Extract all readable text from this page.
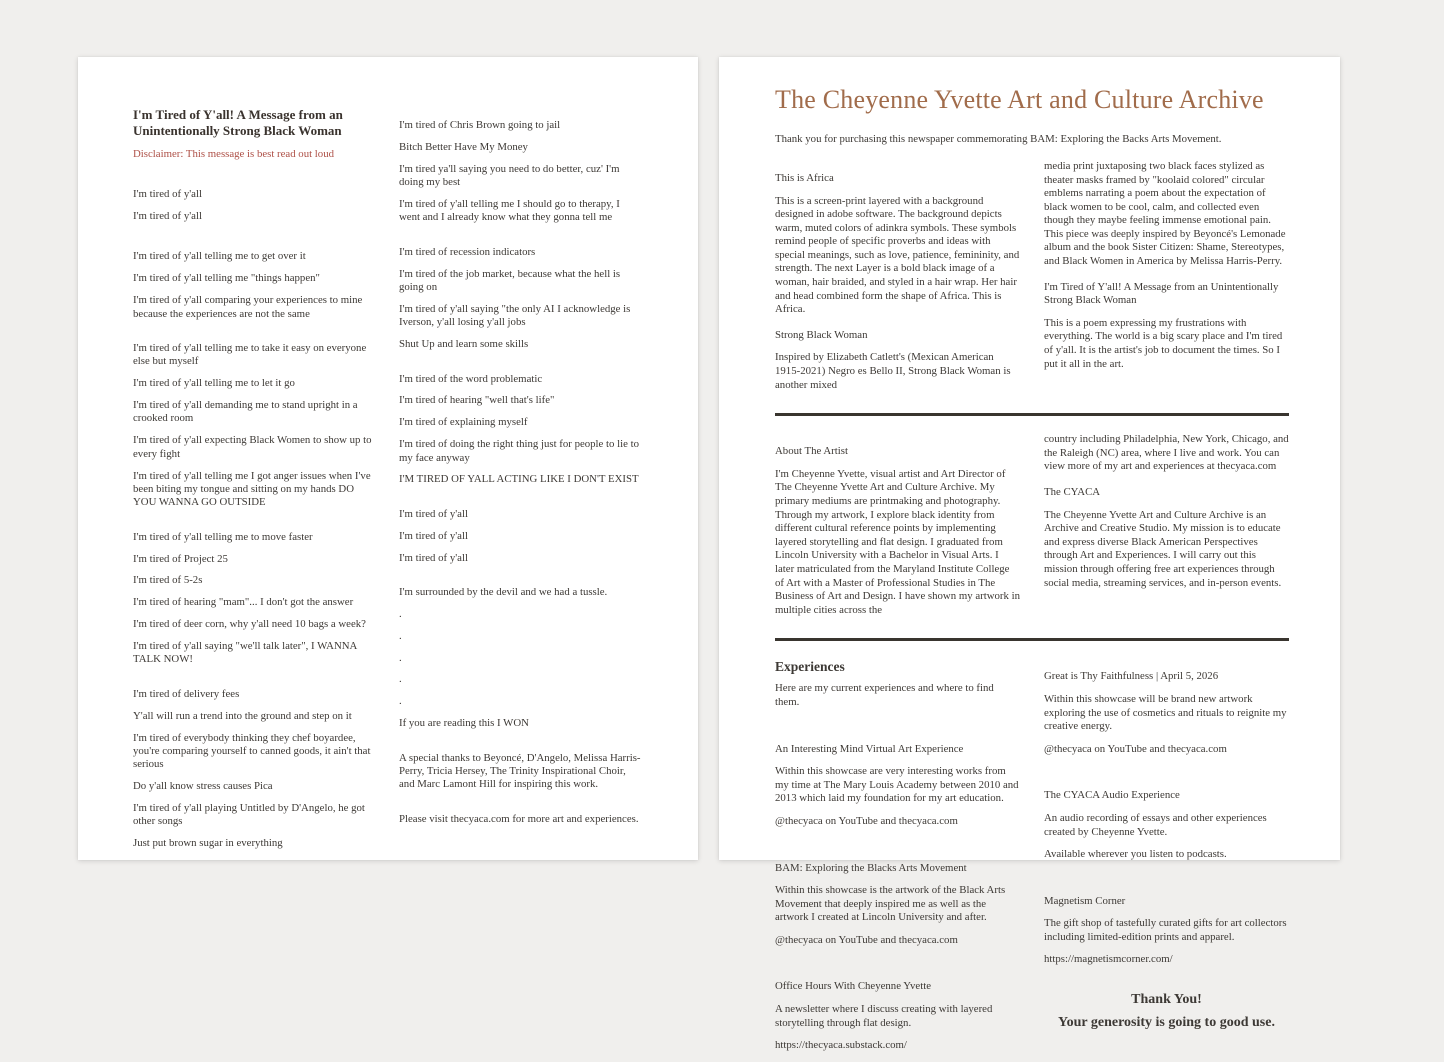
I'm Tired of Y'all! A Message from an Unintentionally Strong Black Woman

Disclaimer: This message is best read out loud

I'm tired of y'all

I'm tired of y'all

I'm tired of y'all telling me to get over it

I'm tired of y'all telling me "things happen"

I'm tired of y'all comparing your experiences to mine because the experiences are not the same

I'm tired of y'all telling me to take it easy on everyone else but myself

I'm tired of y'all telling me to let it go

I'm tired of y'all demanding me to stand upright in a crooked room

I'm tired of y'all expecting Black Women to show up to every fight

I'm tired of y'all telling me I got anger issues when I've been biting my tongue and sitting on my hands DO YOU WANNA GO OUTSIDE

I'm tired of y'all telling me to move faster

I'm tired of Project 25

I'm tired of 5-2s

I'm tired of hearing "mam"... I don't got the answer

I'm tired of deer corn, why y'all need 10 bags a week?

I'm tired of y'all saying "we'll talk later", I WANNA TALK NOW!

I'm tired of delivery fees

Y'all will run a trend into the ground and step on it

I'm tired of everybody thinking they chef boyardee, you're comparing yourself to canned goods, it ain't that serious

Do y'all know stress causes Pica

I'm tired of y'all playing Untitled by D'Angelo, he got other songs

Just put brown sugar in everything

I'm tired of Chris Brown going to jail

Bitch Better Have My Money

I'm tired ya'll saying you need to do better, cuz' I'm doing my best

I'm tired of y'all telling me I should go to therapy, I went and I already know what they gonna tell me

I'm tired of recession indicators

I'm tired of the job market, because what the hell is going on

I'm tired of y'all saying "the only AI I acknowledge is Iverson, y'all losing y'all jobs

Shut Up and learn some skills

I'm tired of the word problematic

I'm tired of hearing "well that's life"

I'm tired of explaining myself

I'm tired of doing the right thing just for people to lie to my face anyway

I'M TIRED OF YALL ACTING LIKE I DON'T EXIST

I'm tired of y'all

I'm tired of y'all

I'm tired of y'all

I'm surrounded by the devil and we had a tussle.

.

.

.

.

.

If you are reading this I WON

A special thanks to Beyoncé, D'Angelo, Melissa Harris-Perry, Tricia Hersey, The Trinity Inspirational Choir, and Marc Lamont Hill for inspiring this work.

Please visit thecyaca.com for more art and experiences.

The Cheyenne Yvette Art and Culture Archive

Thank you for purchasing this newspaper commemorating BAM: Exploring the Backs Arts Movement.

This is Africa

This is a screen-print layered with a background designed in adobe software. The background depicts warm, muted colors of adinkra symbols. These symbols remind people of specific proverbs and ideas with special meanings, such as love, patience, femininity, and strength. The next Layer is a bold black image of a woman, hair braided, and styled in a hair wrap. Her hair and head combined form the shape of Africa. This is Africa.

Strong Black Woman

Inspired by Elizabeth Catlett's (Mexican American 1915-2021) Negro es Bello II, Strong Black Woman is another mixed

media print juxtaposing two black faces stylized as theater masks framed by "koolaid colored" circular emblems narrating a poem about the expectation of black women to be cool, calm, and collected even though they maybe feeling immense emotional pain. This piece was deeply inspired by Beyoncé's Lemonade album and the book Sister Citizen: Shame, Stereotypes, and Black Women in America by Melissa Harris-Perry.

I'm Tired of Y'all! A Message from an Unintentionally Strong Black Woman

This is a poem expressing my frustrations with everything. The world is a big scary place and I'm tired of y'all. It is the artist's job to document the times. So I put it all in the art.

About The Artist

I'm Cheyenne Yvette, visual artist and Art Director of The Cheyenne Yvette Art and Culture Archive. My primary mediums are printmaking and photography. Through my artwork, I explore black identity from different cultural reference points by implementing layered storytelling and flat design. I graduated from Lincoln University with a Bachelor in Visual Arts. I later matriculated from the Maryland Institute College of Art with a Master of Professional Studies in The Business of Art and Design. I have shown my artwork in multiple cities across the

country including Philadelphia, New York, Chicago, and the Raleigh (NC) area, where I live and work. You can view more of my art and experiences at thecyaca.com

The CYACA

The Cheyenne Yvette Art and Culture Archive is an Archive and Creative Studio. My mission is to educate and express diverse Black American Perspectives through Art and Experiences. I will carry out this mission through offering free art experiences through social media, streaming services, and in-person events.

Experiences

Here are my current experiences and where to find them.

An Interesting Mind Virtual Art Experience

Within this showcase are very interesting works from my time at The Mary Louis Academy between 2010 and 2013 which laid my foundation for my art education.

@thecyaca on YouTube and thecyaca.com

BAM: Exploring the Blacks Arts Movement

Within this showcase is the artwork of the Black Arts Movement that deeply inspired me as well as the artwork I created at Lincoln University and after.

@thecyaca on YouTube and thecyaca.com

Office Hours With Cheyenne Yvette

A newsletter where I discuss creating with layered storytelling through flat design.

https://thecyaca.substack.com/

Great is Thy Faithfulness | April 5, 2026

Within this showcase will be brand new artwork exploring the use of cosmetics and rituals to reignite my creative energy.

@thecyaca on YouTube and thecyaca.com

The CYACA Audio Experience

An audio recording of essays and other experiences created by Cheyenne Yvette.

Available wherever you listen to podcasts.

Magnetism Corner

The gift shop of tastefully curated gifts for art collectors including limited-edition prints and apparel.

https://magnetismcorner.com/

Thank You!

Your generosity is going to good use.
